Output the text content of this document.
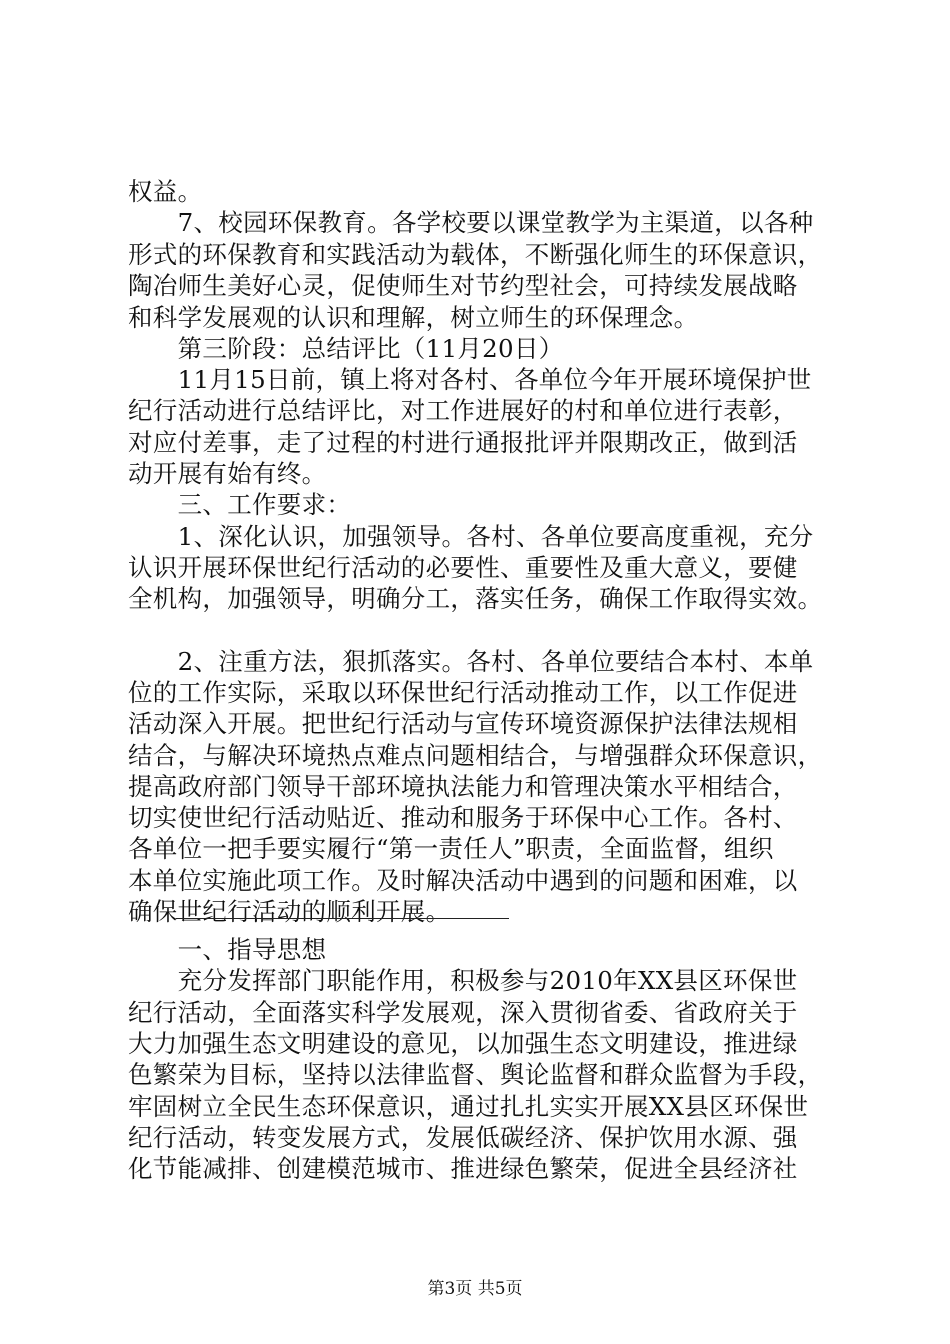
权益。
　　7、校园环保教育。各学校要以课堂教学为主渠道，以各种
形式的环保教育和实践活动为载体，不断强化师生的环保意识，
陶冶师生美好心灵，促使师生对节约型社会，可持续发展战略
和科学发展观的认识和理解，树立师生的环保理念。
　　第三阶段：总结评比（11月20日）
　　11月15日前，镇上将对各村、各单位今年开展环境保护世
纪行活动进行总结评比，对工作进展好的村和单位进行表彰，
对应付差事，走了过程的村进行通报批评并限期改正，做到活
动开展有始有终。
　　三、工作要求：
　　1、深化认识，加强领导。各村、各单位要高度重视，充分
认识开展环保世纪行活动的必要性、重要性及重大意义，要健
全机构，加强领导，明确分工，落实任务，确保工作取得实效。
　　2、注重方法，狠抓落实。各村、各单位要结合本村、本单
位的工作实际，采取以环保世纪行活动推动工作，以工作促进
活动深入开展。把世纪行活动与宣传环境资源保护法律法规相
结合，与解决环境热点难点问题相结合，与增强群众环保意识，
提高政府部门领导干部环境执法能力和管理决策水平相结合，
切实使世纪行活动贴近、推动和服务于环保中心工作。各村、
各单位一把手要实履行“第一责任人”职责，全面监督，组织
本单位实施此项工作。及时解决活动中遇到的问题和困难，以
确保世纪行活动的顺利开展。
　　一、指导思想
　　充分发挥部门职能作用，积极参与2010年XX县区环保世
纪行活动，全面落实科学发展观，深入贯彻省委、省政府关于
大力加强生态文明建设的意见，以加强生态文明建设，推进绿
色繁荣为目标，坚持以法律监督、舆论监督和群众监督为手段，
牢固树立全民生态环保意识，通过扎扎实实开展XX县区环保世
纪行活动，转变发展方式，发展低碳经济、保护饮用水源、强
化节能减排、创建模范城市、推进绿色繁荣，促进全县经济社
第3页 共5页
